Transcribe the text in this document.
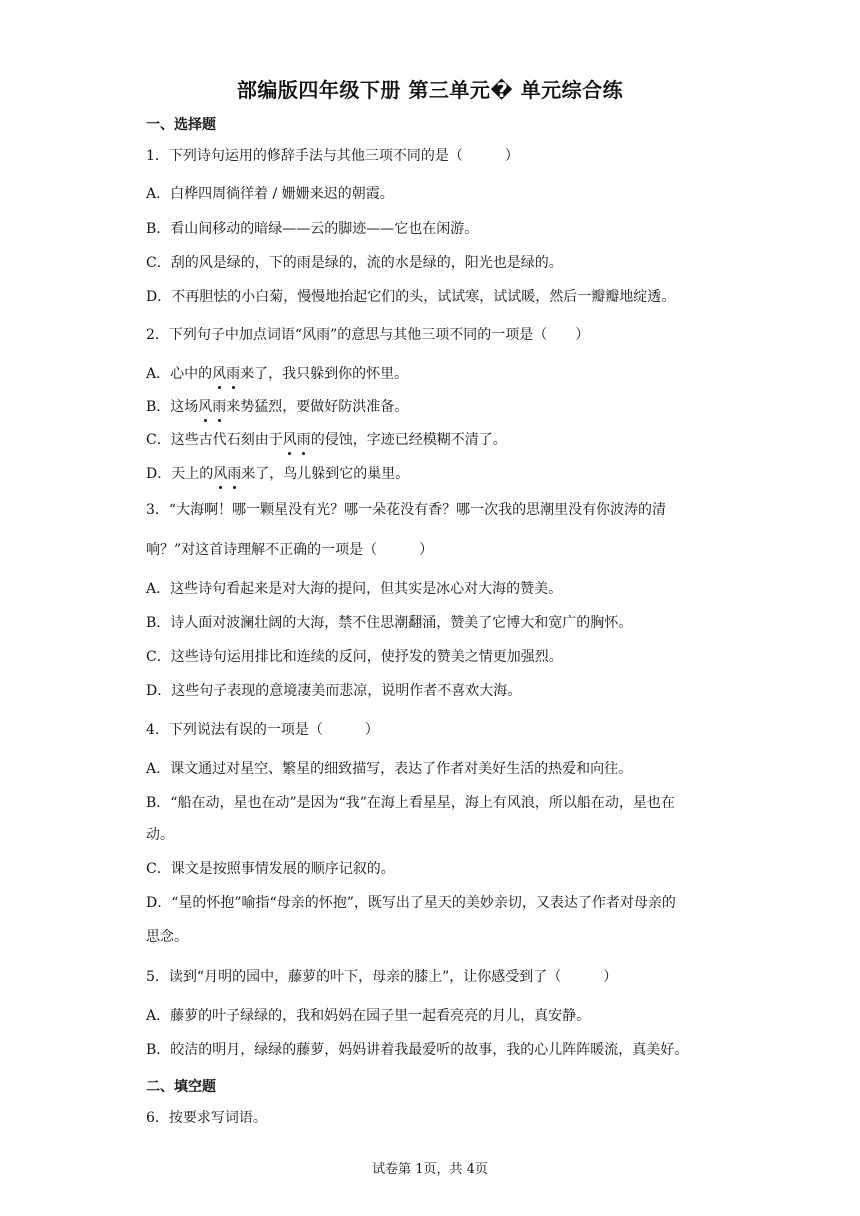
部编版四年级下册 第三单元� 单元综合练
一、选择题
1．下列诗句运用的修辞手法与其他三项不同的是（　　　）
A．白桦四周徜徉着 / 姗姗来迟的朝霞。
B．看山间移动的暗绿——云的脚迹——它也在闲游。
C．刮的风是绿的，下的雨是绿的，流的水是绿的，阳光也是绿的。
D．不再胆怯的小白菊，慢慢地抬起它们的头，试试寒，试试暖，然后一瓣瓣地绽透。
2．下列句子中加点词语“风雨”的意思与其他三项不同的一项是（　　）
A．心中的风雨来了，我只躲到你的怀里。
B．这场风雨来势猛烈，要做好防洪准备。
C．这些古代石刻由于风雨的侵蚀，字迹已经模糊不清了。
D．天上的风雨来了，鸟儿躲到它的巢里。
3．“大海啊！哪一颗星没有光？哪一朵花没有香？哪一次我的思潮里没有你波涛的清
响？”对这首诗理解不正确的一项是（　　　）
A．这些诗句看起来是对大海的提问，但其实是冰心对大海的赞美。
B．诗人面对波澜壮阔的大海，禁不住思潮翻涌，赞美了它博大和宽广的胸怀。
C．这些诗句运用排比和连续的反问，使抒发的赞美之情更加强烈。
D．这些句子表现的意境凄美而悲凉，说明作者不喜欢大海。
4．下列说法有误的一项是（　　　）
A．课文通过对星空、繁星的细致描写，表达了作者对美好生活的热爱和向往。
B．“船在动，星也在动”是因为“我”在海上看星星，海上有风浪，所以船在动，星也在
动。
C．课文是按照事情发展的顺序记叙的。
D．“星的怀抱”喻指“母亲的怀抱”，既写出了星天的美妙亲切，又表达了作者对母亲的
思念。
5．读到“月明的园中，藤萝的叶下，母亲的膝上”，让你感受到了（　　　）
A．藤萝的叶子绿绿的，我和妈妈在园子里一起看亮亮的月儿，真安静。
B．皎洁的明月，绿绿的藤萝，妈妈讲着我最爱听的故事，我的心儿阵阵暖流，真美好。
二、填空题
6．按要求写词语。
试卷第 1页，共 4页
